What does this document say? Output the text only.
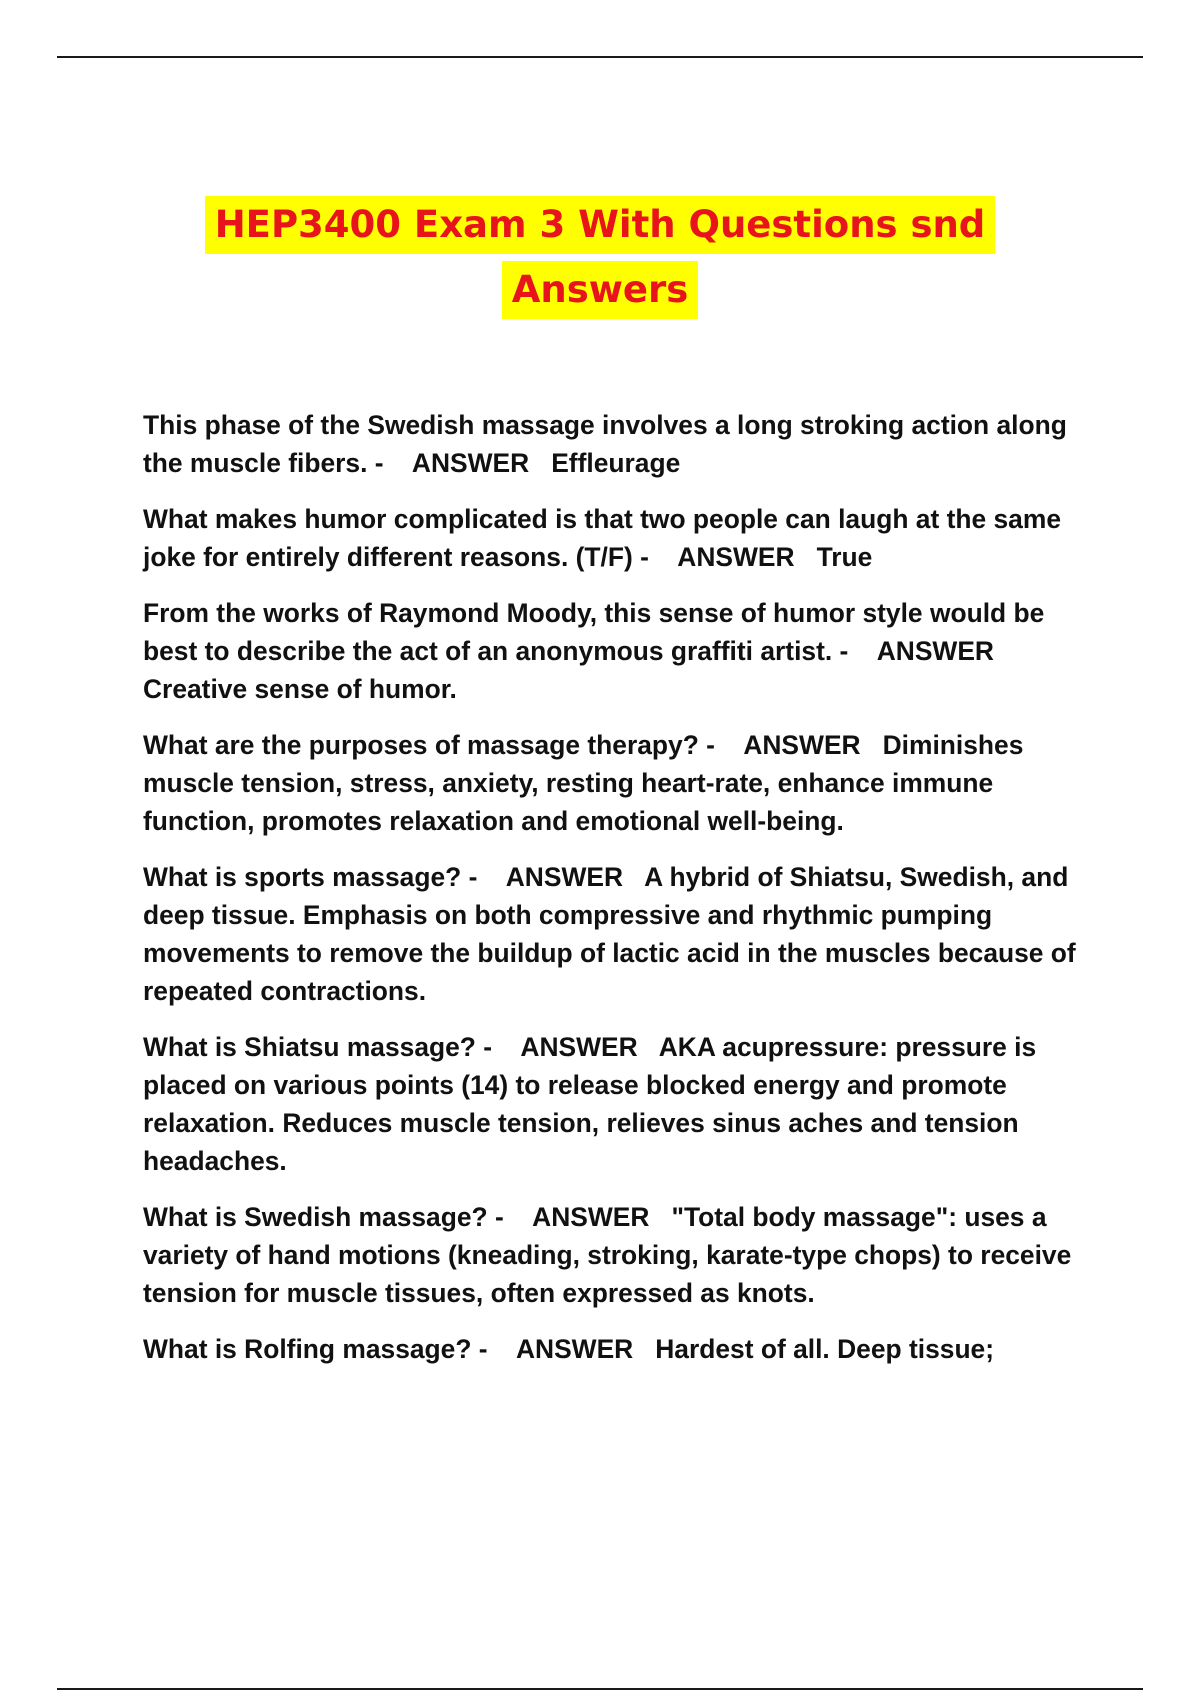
HEP3400 Exam 3 With Questions snd
Answers

This phase of the Swedish massage involves a long stroking action along the muscle fibers. -    ANSWER Effleurage

What makes humor complicated is that two people can laugh at the same joke for entirely different reasons. (T/F) -    ANSWER True

From the works of Raymond Moody, this sense of humor style would be best to describe the act of an anonymous graffiti artist. -    ANSWER   Creative sense of humor.

What are the purposes of massage therapy? -    ANSWER Diminishes muscle tension, stress, anxiety, resting heart-rate, enhance immune function, promotes relaxation and emotional well-being.

What is sports massage? -    ANSWER A hybrid of Shiatsu, Swedish, and deep tissue. Emphasis on both compressive and rhythmic pumping movements to remove the buildup of lactic acid in the muscles because of repeated contractions.

What is Shiatsu massage? -    ANSWER AKA acupressure: pressure is placed on various points (14) to release blocked energy and promote relaxation. Reduces muscle tension, relieves sinus aches and tension headaches.

What is Swedish massage? -    ANSWER "Total body massage": uses a variety of hand motions (kneading, stroking, karate-type chops) to receive tension for muscle tissues, often expressed as knots.

What is Rolfing massage? -    ANSWER Hardest of all. Deep tissue;
